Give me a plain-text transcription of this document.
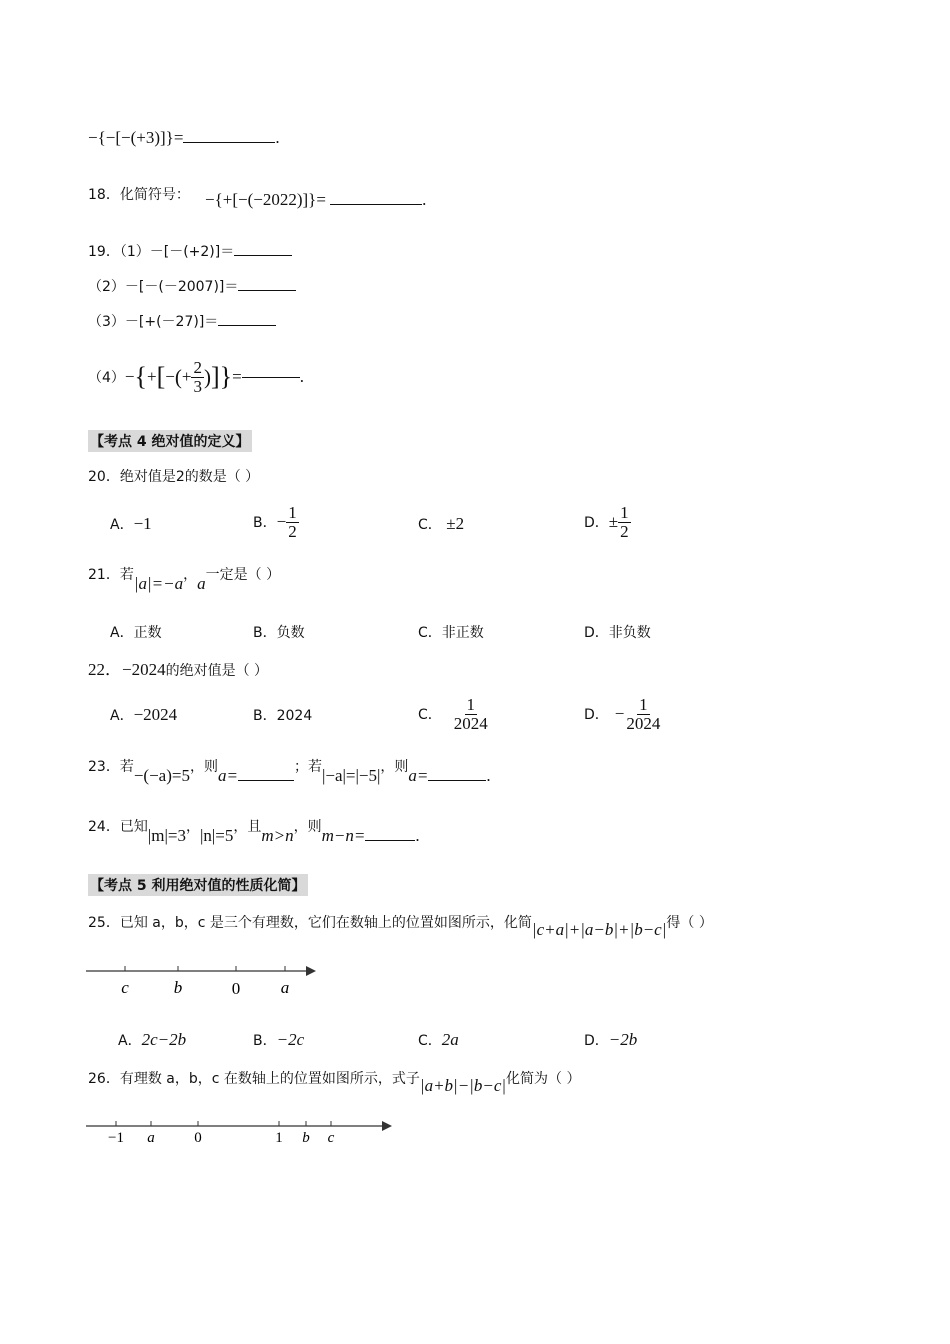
−{−[−(+3)]}=	.
18．化简符号： −{+[−(−2022)]}=	.
19．（1）－[－(+2)]＝
（2）－[－(－2007)]＝
（3）－[+(－27)]＝
（4） − { + [ − ( + $\frac{2}{3}$ ) ] } =	.
【考点 4 绝对值的定义】
20．绝对值是2的数是（ ）
A．−1	B． − $\frac{1}{2}$	C． ±2	D． ± $\frac{1}{2}$
21．若|a|=−a，a一定是（ ）
A．正数	B．负数	C．非正数	D．非负数
22．−2024的绝对值是（ ）
A．−2024	B．2024	C． $\frac{1}{2024}$	D． − $\frac{1}{2024}$
23．若−(−a)=5，则a=	；若|−a|=|−5|，则a=	.
24．已知|m|=3，|n|=5，且m>n，则m−n=	.
【考点 5 利用绝对值的性质化简】
25．已知 a，b，c 是三个有理数，它们在数轴上的位置如图所示，化简|c+a|+|a−b|+|b−c|得（ ）
c	b	0 a
A．2c−2b	B．−2c	C．2a	D．−2b
26．有理数 a，b，c 在数轴上的位置如图所示，式子|a+b|−|b−c|化简为（ ）
−1 a	0	1 b c
